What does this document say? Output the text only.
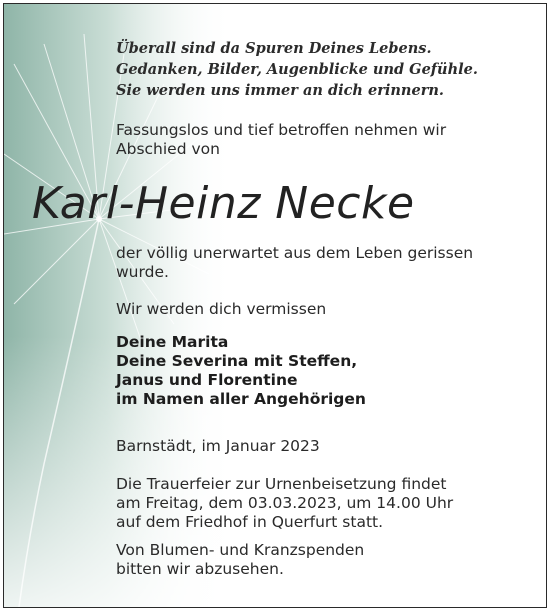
Überall sind da Spuren Deines Lebens.
Gedanken, Bilder, Augenblicke und Gefühle.
Sie werden uns immer an dich erinnern.
Fassungslos und tief betroffen nehmen wir
Abschied von
Karl-Heinz Necke
der völlig unerwartet aus dem Leben gerissen
wurde.
Wir werden dich vermissen
Deine Marita
Deine Severina mit Steffen,
Janus und Florentine
im Namen aller Angehörigen
Barnstädt, im Januar 2023
Die Trauerfeier zur Urnenbeisetzung findet
am Freitag, dem 03.03.2023, um 14.00 Uhr
auf dem Friedhof in Querfurt statt.
Von Blumen- und Kranzspenden
bitten wir abzusehen.
